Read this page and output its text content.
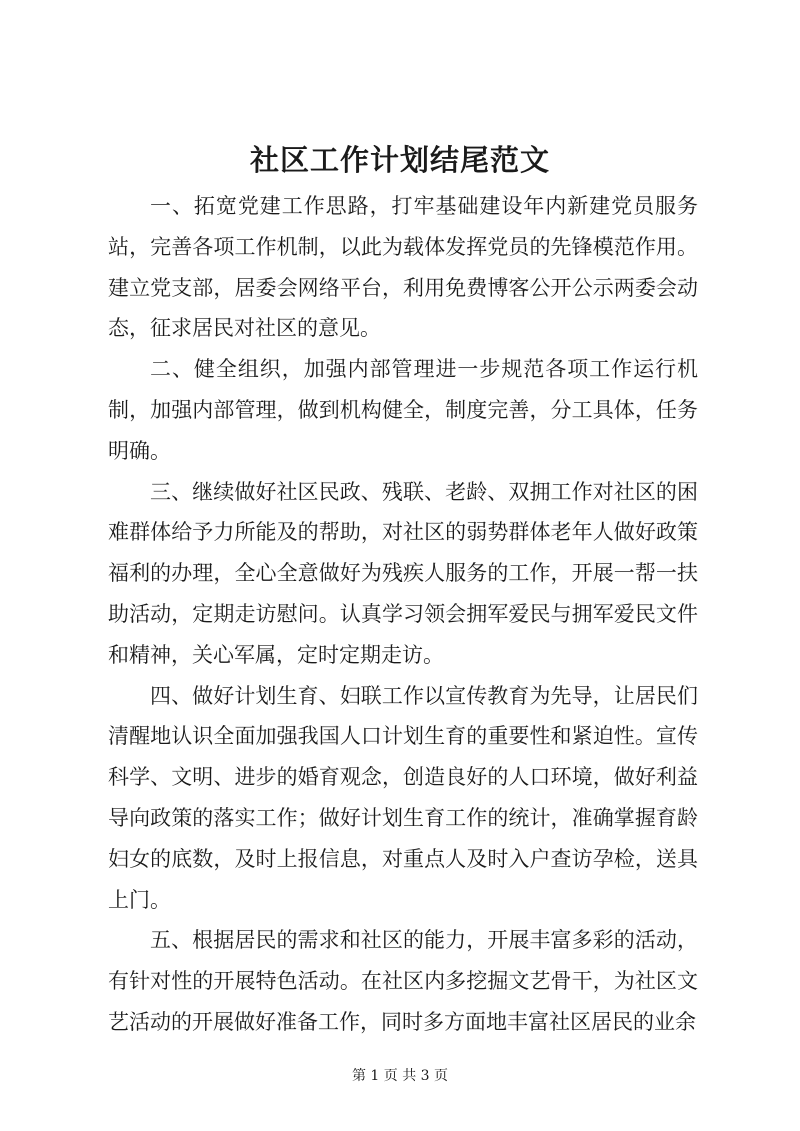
社区工作计划结尾范文

一、拓宽党建工作思路，打牢基础建设年内新建党员服务站，完善各项工作机制，以此为载体发挥党员的先锋模范作用。建立党支部，居委会网络平台，利用免费博客公开公示两委会动态，征求居民对社区的意见。

二、健全组织，加强内部管理进一步规范各项工作运行机制，加强内部管理，做到机构健全，制度完善，分工具体，任务明确。

三、继续做好社区民政、残联、老龄、双拥工作对社区的困难群体给予力所能及的帮助，对社区的弱势群体老年人做好政策福利的办理，全心全意做好为残疾人服务的工作，开展一帮一扶助活动，定期走访慰问。认真学习领会拥军爱民与拥军爱民文件和精神，关心军属，定时定期走访。

四、做好计划生育、妇联工作以宣传教育为先导，让居民们清醒地认识全面加强我国人口计划生育的重要性和紧迫性。宣传科学、文明、进步的婚育观念，创造良好的人口环境，做好利益导向政策的落实工作；做好计划生育工作的统计，准确掌握育龄妇女的底数，及时上报信息，对重点人及时入户查访孕检，送具上门。

五、根据居民的需求和社区的能力，开展丰富多彩的活动，有针对性的开展特色活动。在社区内多挖掘文艺骨干，为社区文艺活动的开展做好准备工作，同时多方面地丰富社区居民的业余

第 1 页 共 3 页
